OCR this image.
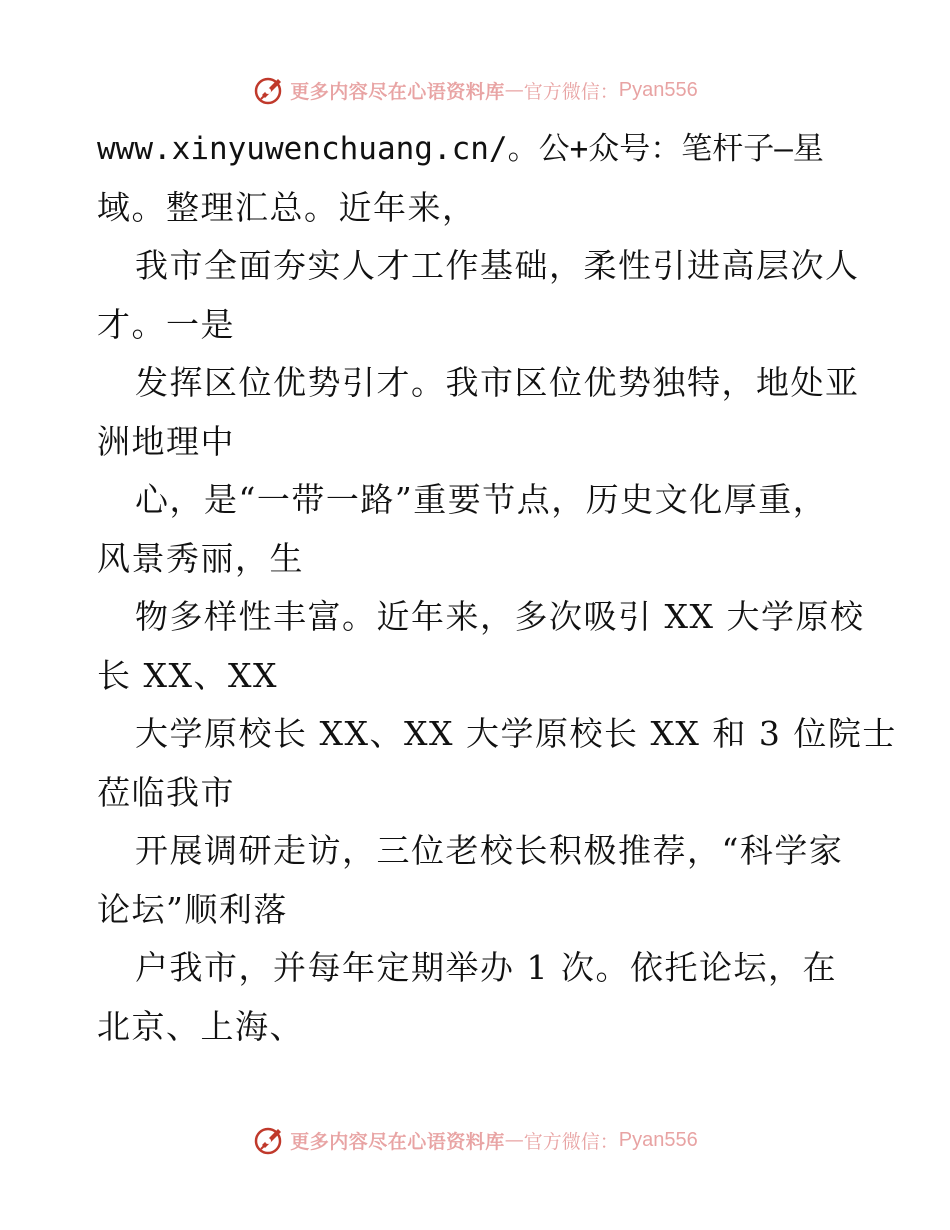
更多内容尽在心语资料库 — 官方微信： Pyan556
www.xinyuwenchuang.cn/。公+众号：笔杆子—星
域。整理汇总。近年来，
我市全面夯实人才工作基础，柔性引进高层次人
才。一是
发挥区位优势引才。我市区位优势独特，地处亚
洲地理中
心，是“一带一路”重要节点，历史文化厚重，
风景秀丽，生
物多样性丰富。近年来，多次吸引 XX 大学原校
长 XX、XX
大学原校长 XX、XX 大学原校长 XX 和 3 位院士
莅临我市
开展调研走访，三位老校长积极推荐，“科学家
论坛”顺利落
户我市，并每年定期举办 1 次。依托论坛，在
北京、上海、
更多内容尽在心语资料库 — 官方微信： Pyan556
